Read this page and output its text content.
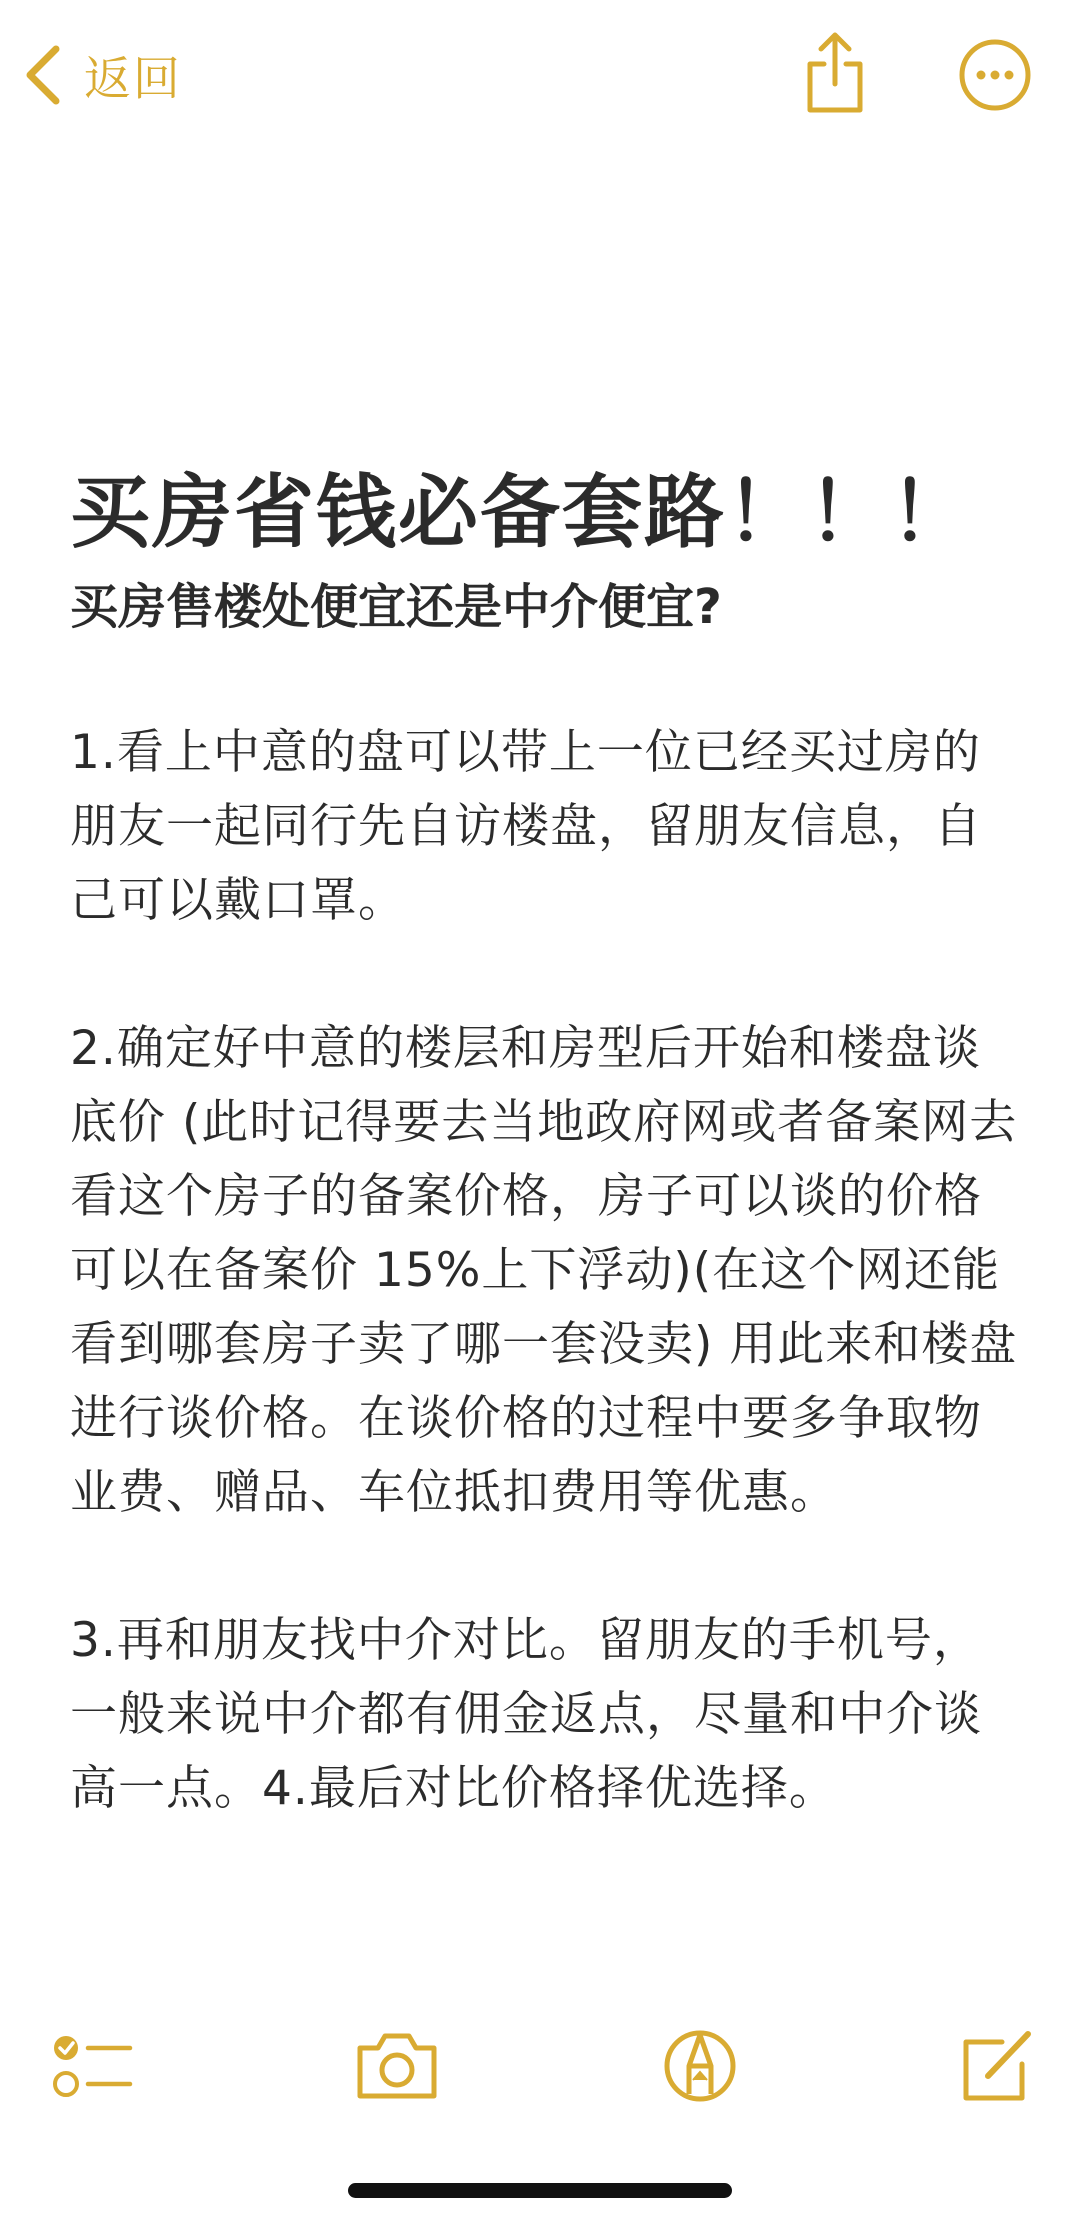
返回
买房省钱必备套路！！！

买房售楼处便宜还是中介便宜?

1.看上中意的盘可以带上一位已经买过房的朋友一起同行先自访楼盘，留朋友信息，自己可以戴口罩。

2.确定好中意的楼层和房型后开始和楼盘谈底价 (此时记得要去当地政府网或者备案网去看这个房子的备案价格，房子可以谈的价格可以在备案价 15%上下浮动)(在这个网还能看到哪套房子卖了哪一套没卖) 用此来和楼盘进行谈价格。在谈价格的过程中要多争取物业费、赠品、车位抵扣费用等优惠。

3.再和朋友找中介对比。留朋友的手机号，一般来说中介都有佣金返点，尽量和中介谈高一点。4.最后对比价格择优选择。
